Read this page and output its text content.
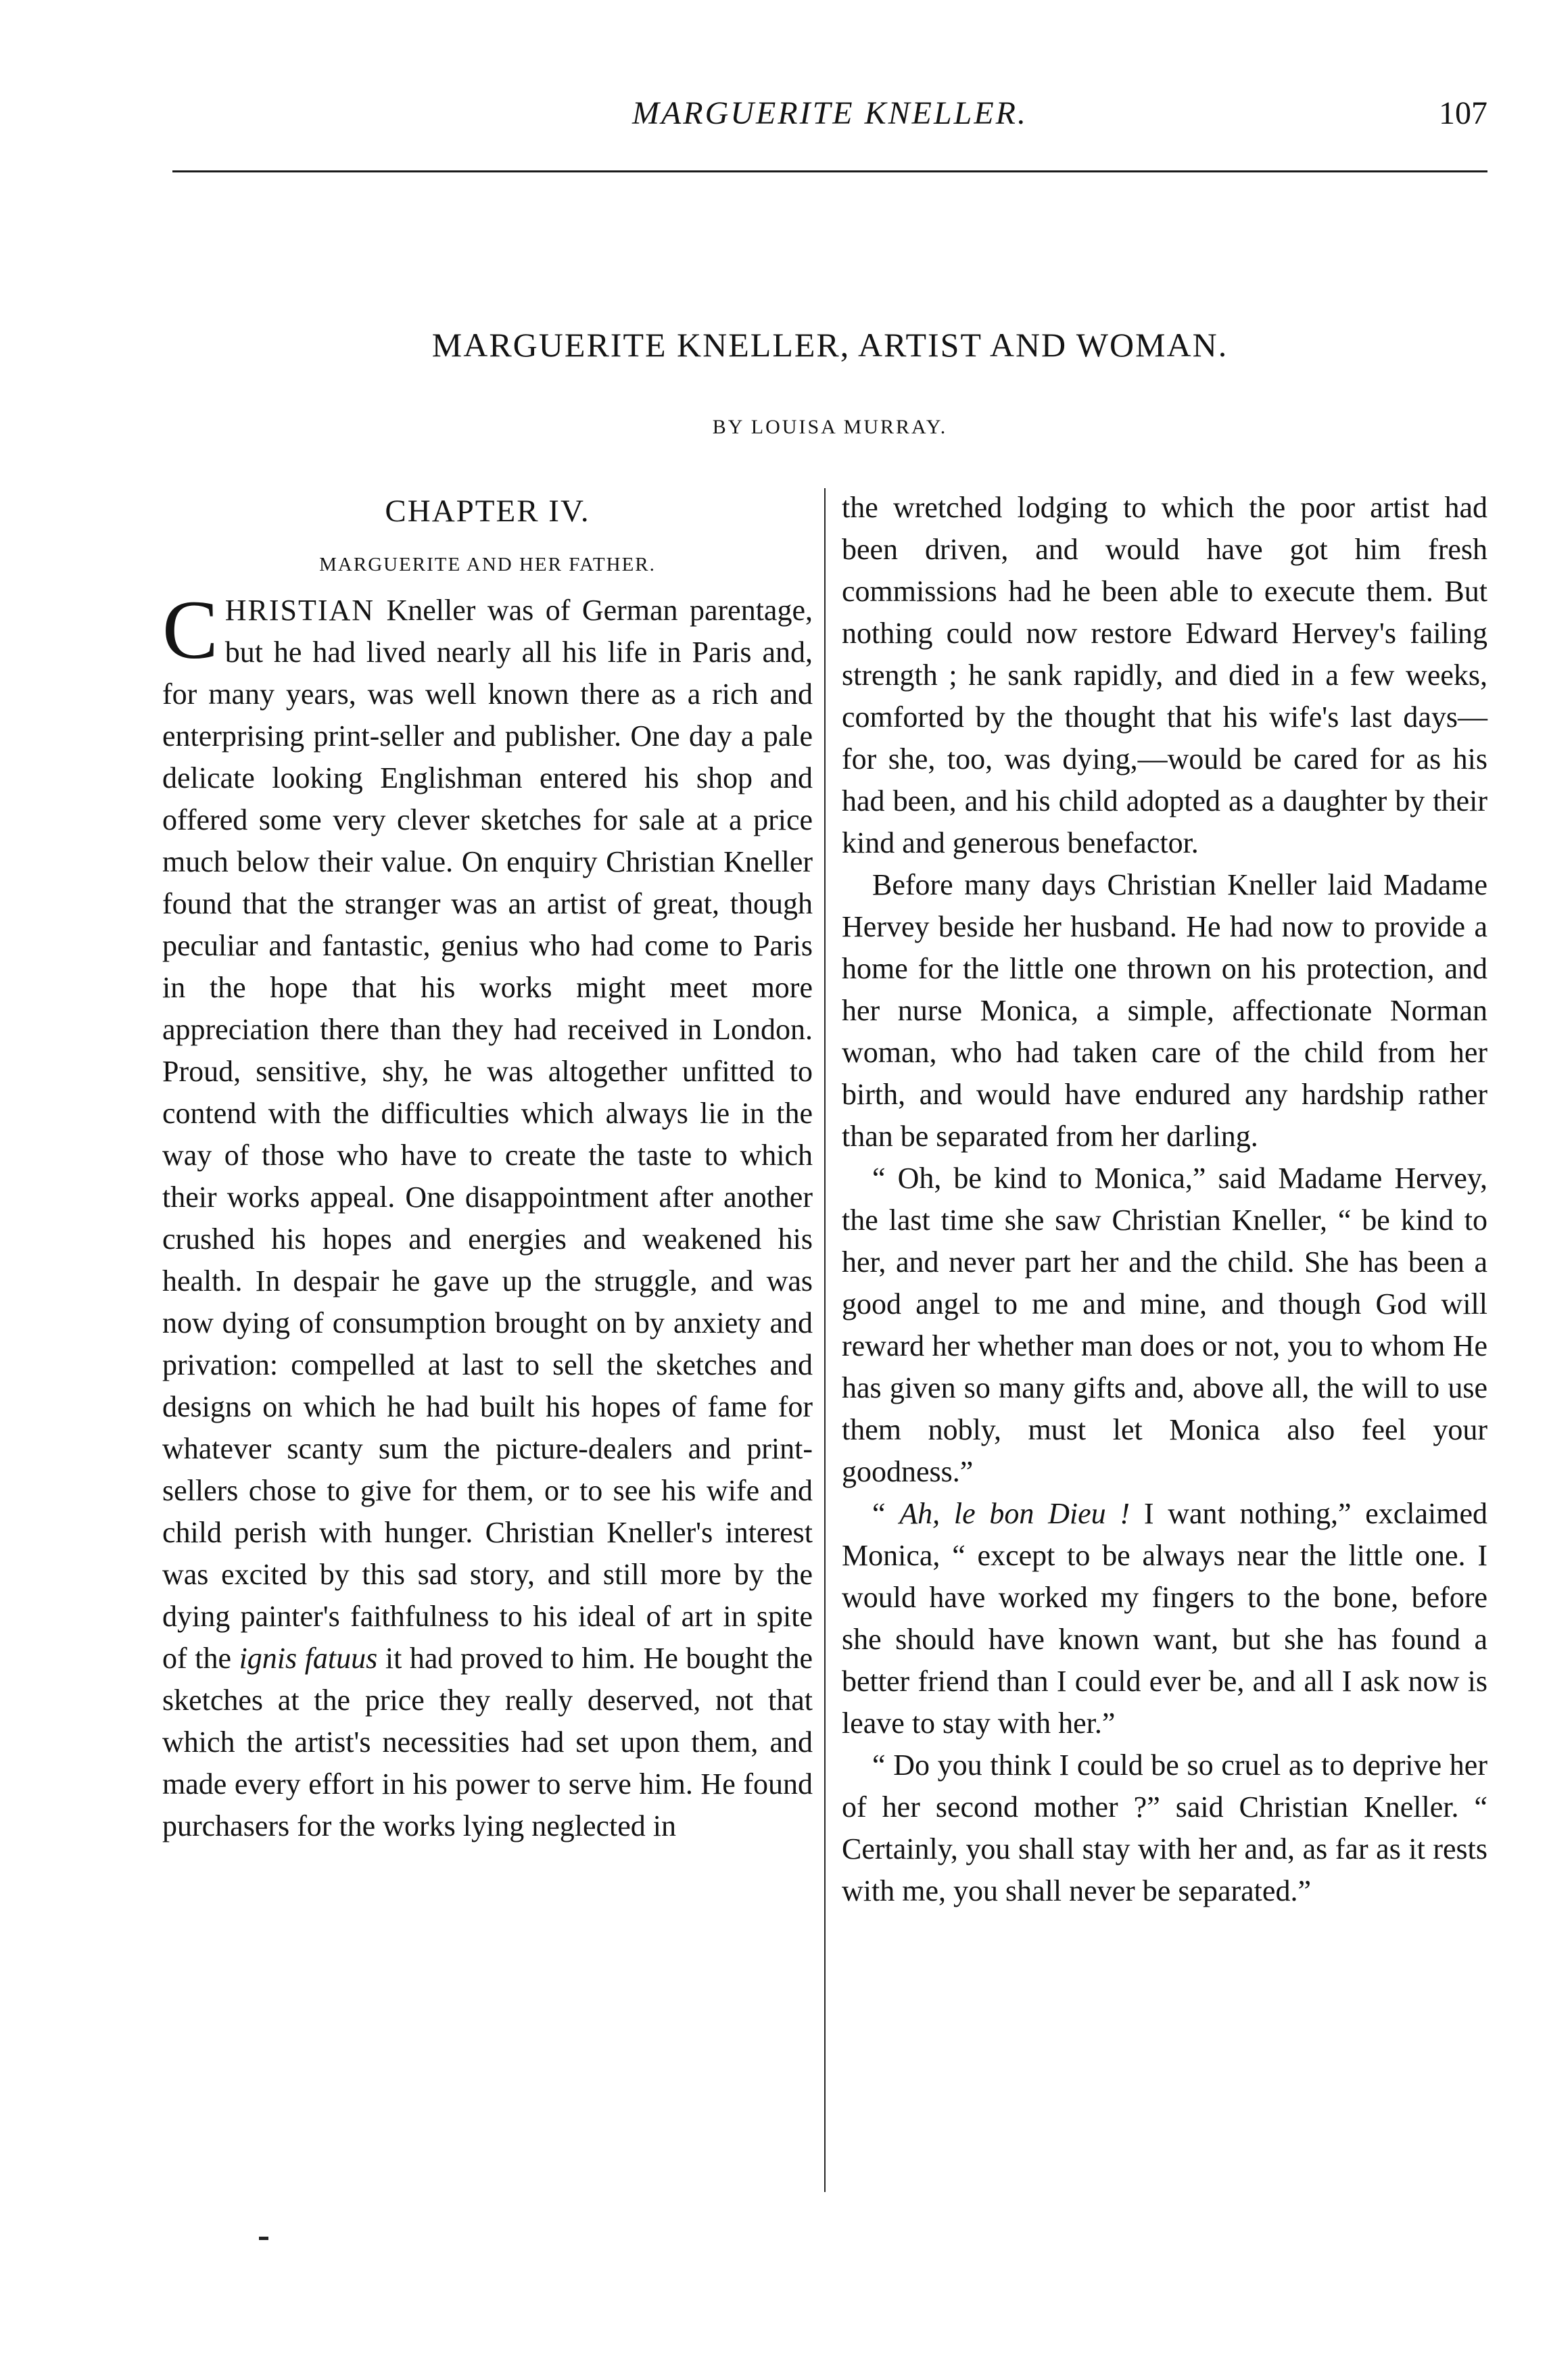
MARGUERITE KNELLER.	107
MARGUERITE KNELLER, ARTIST AND WOMAN.
BY LOUISA MURRAY.
CHAPTER IV.
MARGUERITE AND HER FATHER.

CHRISTIAN Kneller was of German parentage, but he had lived nearly all his life in Paris and, for many years, was well known there as a rich and enterprising print-seller and publisher. One day a pale delicate looking Englishman entered his shop and offered some very clever sketches for sale at a price much below their value. On enquiry Christian Kneller found that the stranger was an artist of great, though peculiar and fantastic, genius who had come to Paris in the hope that his works might meet more appreciation there than they had received in London. Proud, sensitive, shy, he was altogether unfitted to contend with the difficulties which always lie in the way of those who have to create the taste to which their works appeal. One disappointment after another crushed his hopes and energies and weakened his health. In despair he gave up the struggle, and was now dying of consumption brought on by anxiety and privation: compelled at last to sell the sketches and designs on which he had built his hopes of fame for whatever scanty sum the picture-dealers and print-sellers chose to give for them, or to see his wife and child perish with hunger. Christian Kneller's interest was excited by this sad story, and still more by the dying painter's faithfulness to his ideal of art in spite of the ignis fatuus it had proved to him. He bought the sketches at the price they really deserved, not that which the artist's necessities had set upon them, and made every effort in his power to serve him. He found purchasers for the works lying neglected in

the wretched lodging to which the poor artist had been driven, and would have got him fresh commissions had he been able to execute them. But nothing could now restore Edward Hervey's failing strength ; he sank rapidly, and died in a few weeks, comforted by the thought that his wife's last days—for she, too, was dying,—would be cared for as his had been, and his child adopted as a daughter by their kind and generous benefactor.

Before many days Christian Kneller laid Madame Hervey beside her husband. He had now to provide a home for the little one thrown on his protection, and her nurse Monica, a simple, affectionate Norman woman, who had taken care of the child from her birth, and would have endured any hardship rather than be separated from her darling.

“ Oh, be kind to Monica,” said Madame Hervey, the last time she saw Christian Kneller, “ be kind to her, and never part her and the child. She has been a good angel to me and mine, and though God will reward her whether man does or not, you to whom He has given so many gifts and, above all, the will to use them nobly, must let Monica also feel your goodness.”

“ Ah, le bon Dieu ! I want nothing,” exclaimed Monica, “ except to be always near the little one. I would have worked my fingers to the bone, before she should have known want, but she has found a better friend than I could ever be, and all I ask now is leave to stay with her.”

“ Do you think I could be so cruel as to deprive her of her second mother ?” said Christian Kneller. “ Certainly, you shall stay with her and, as far as it rests with me, you shall never be separated.”
